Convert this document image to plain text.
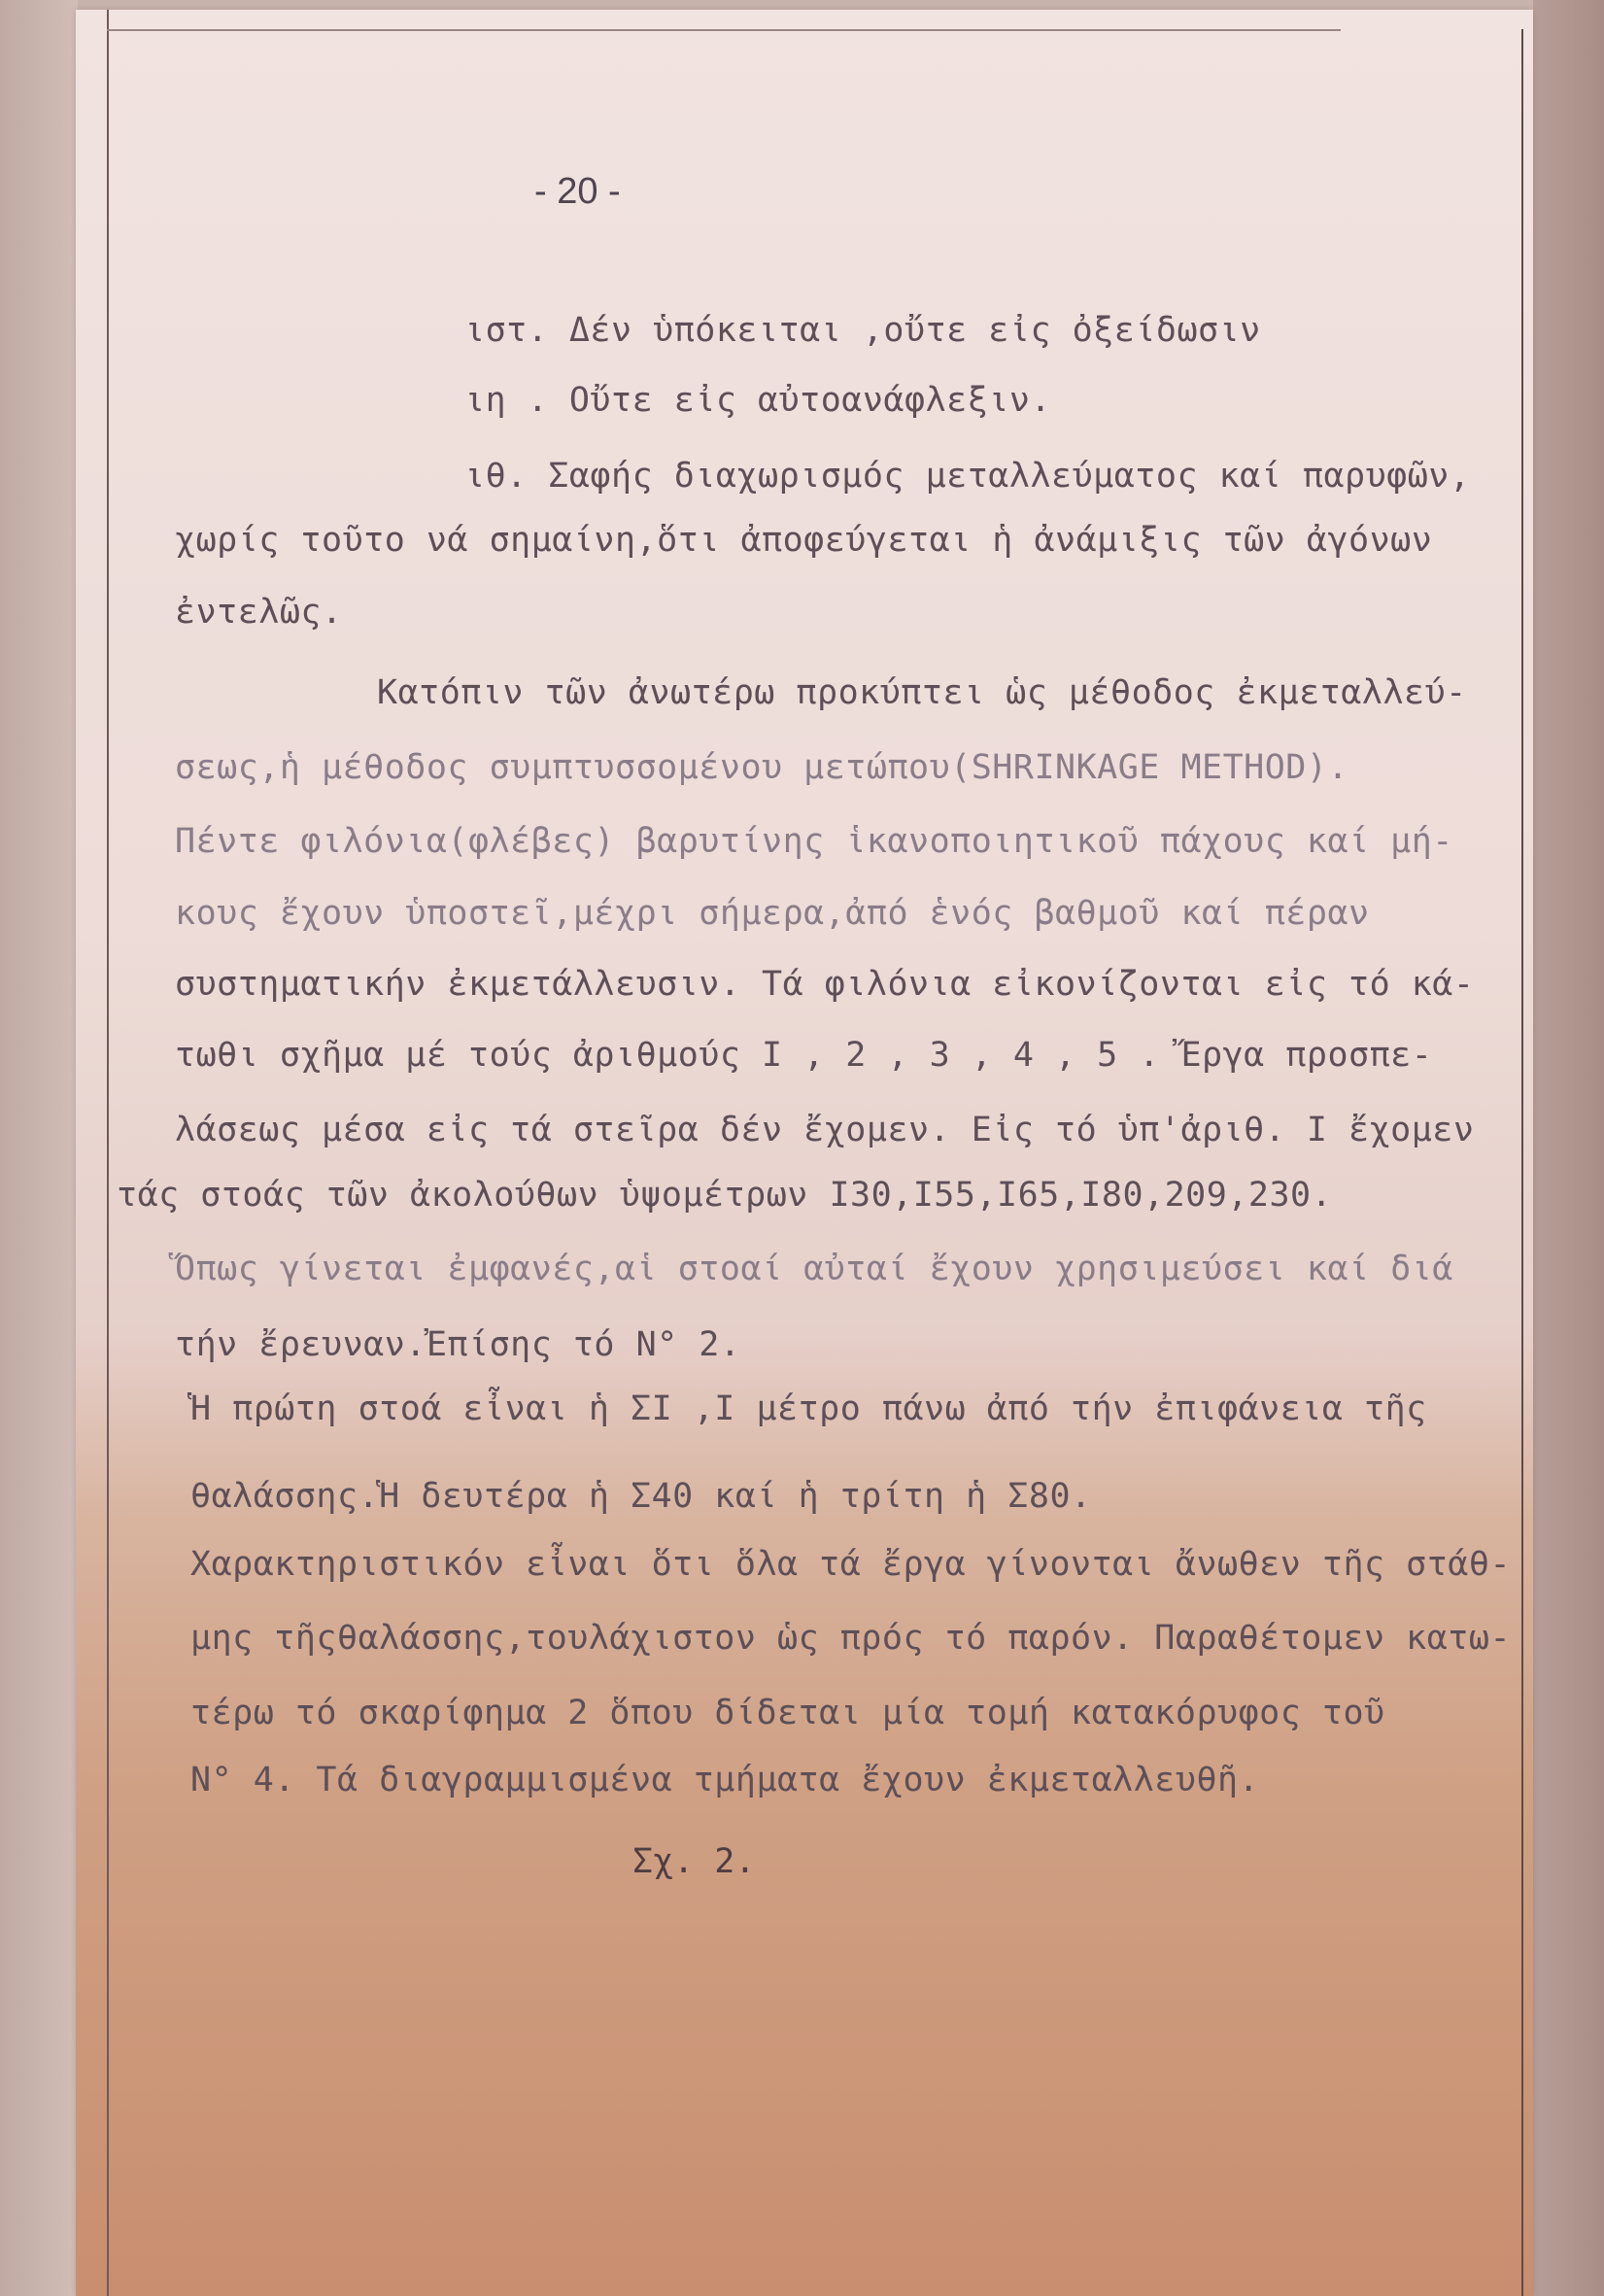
- 20 -
ιστ. Δέν ὑπόκειται ,οὔτε εἰς ὀξείδωσιν
ιη . Οὔτε εἰς αὐτοανάφλεξιν.
ιθ. Σαφής διαχωρισμός μεταλλεύματος καί παρυφῶν,
χωρίς τοῦτο νά σημαίνη,ὅτι ἀποφεύγεται ἡ ἀνάμιξις τῶν ἀγόνων
ἐντελῶς.
Κατόπιν τῶν ἀνωτέρω προκύπτει ὡς μέθοδος ἐκμεταλλεύ-
σεως,ἡ μέθοδος συμπτυσσομένου μετώπου(SHRINKAGE METHOD).
Πέντε φιλόνια(φλέβες) βαρυτίνης ἱκανοποιητικοῦ πάχους καί μή-
κους ἔχουν ὑποστεῖ,μέχρι σήμερα,ἀπό ἑνός βαθμοῦ καί πέραν
συστηματικήν ἐκμετάλλευσιν. Τά φιλόνια εἰκονίζονται εἰς τό κά-
τωθι σχῆμα μέ τούς ἀριθμούς Ι , 2 , 3 , 4 , 5 . Ἔργα προσπε-
λάσεως μέσα εἰς τά στεῖρα δέν ἔχομεν. Εἰς τό ὑπ'ἀριθ. Ι ἔχομεν
τάς στοάς τῶν ἀκολούθων ὑψομέτρων Ι30,Ι55,Ι65,Ι80,209,230.
Ὅπως γίνεται ἐμφανές,αἱ στοαί αὐταί ἔχουν χρησιμεύσει καί διά
τήν ἔρευναν.Ἐπίσης τό Ν° 2.
Ἡ πρώτη στοά εἶναι ἡ ΣΙ ,Ι μέτρο πάνω ἀπό τήν ἐπιφάνεια τῆς
θαλάσσης.Ἡ δευτέρα ἡ Σ40 καί ἡ τρίτη ἡ Σ80.
Χαρακτηριστικόν εἶναι ὅτι ὅλα τά ἔργα γίνονται ἄνωθεν τῆς στάθ-
μης τῆςθαλάσσης,τουλάχιστον ὡς πρός τό παρόν. Παραθέτομεν κατω-
τέρω τό σκαρίφημα 2 ὅπου δίδεται μία τομή κατακόρυφος τοῦ
Ν° 4. Τά διαγραμμισμένα τμήματα ἔχουν ἐκμεταλλευθῆ.
Σχ. 2.
